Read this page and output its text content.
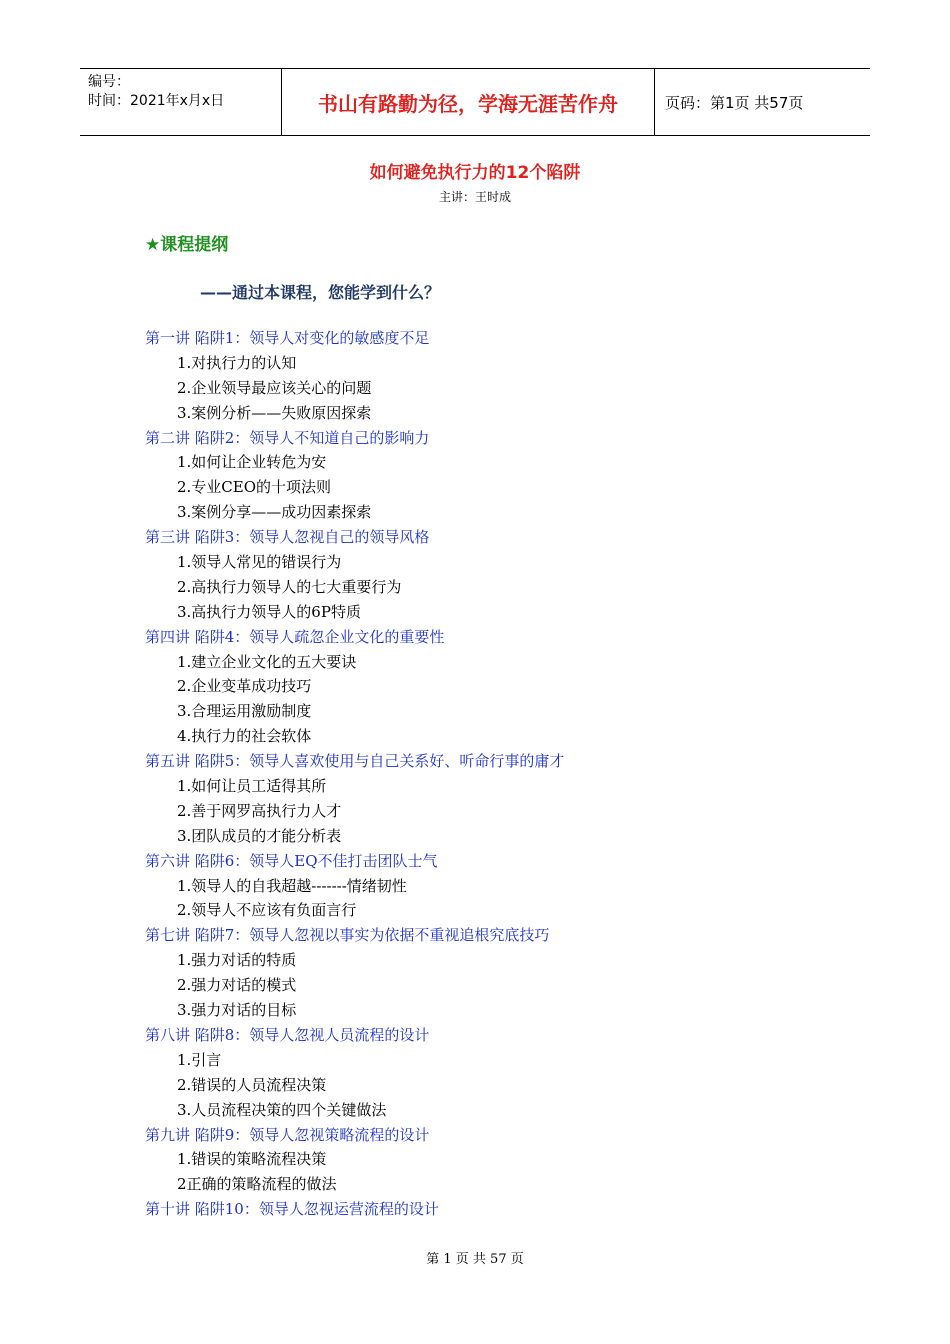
编号：
时间：2021年x月x日	书山有路勤为径，学海无涯苦作舟	页码：第1页 共57页
如何避免执行力的12个陷阱
主讲：王时成
★课程提纲
——通过本课程，您能学到什么？
第一讲 陷阱1：领导人对变化的敏感度不足
1.对执行力的认知
2.企业领导最应该关心的问题
3.案例分析——失败原因探索
第二讲 陷阱2：领导人不知道自己的影响力
1.如何让企业转危为安
2.专业CEO的十项法则
3.案例分享——成功因素探索
第三讲 陷阱3：领导人忽视自己的领导风格
1.领导人常见的错误行为
2.高执行力领导人的七大重要行为
3.高执行力领导人的6P特质
第四讲 陷阱4：领导人疏忽企业文化的重要性
1.建立企业文化的五大要诀
2.企业变革成功技巧
3.合理运用激励制度
4.执行力的社会软体
第五讲 陷阱5：领导人喜欢使用与自己关系好、听命行事的庸才
1.如何让员工适得其所
2.善于网罗高执行力人才
3.团队成员的才能分析表
第六讲 陷阱6：领导人EQ不佳打击团队士气
1.领导人的自我超越-------情绪韧性
2.领导人不应该有负面言行
第七讲 陷阱7：领导人忽视以事实为依据不重视追根究底技巧
1.强力对话的特质
2.强力对话的模式
3.强力对话的目标
第八讲 陷阱8：领导人忽视人员流程的设计
1.引言
2.错误的人员流程决策
3.人员流程决策的四个关键做法
第九讲 陷阱9：领导人忽视策略流程的设计
1.错误的策略流程决策
2正确的策略流程的做法
第十讲 陷阱10：领导人忽视运营流程的设计
第 1 页 共 57 页
